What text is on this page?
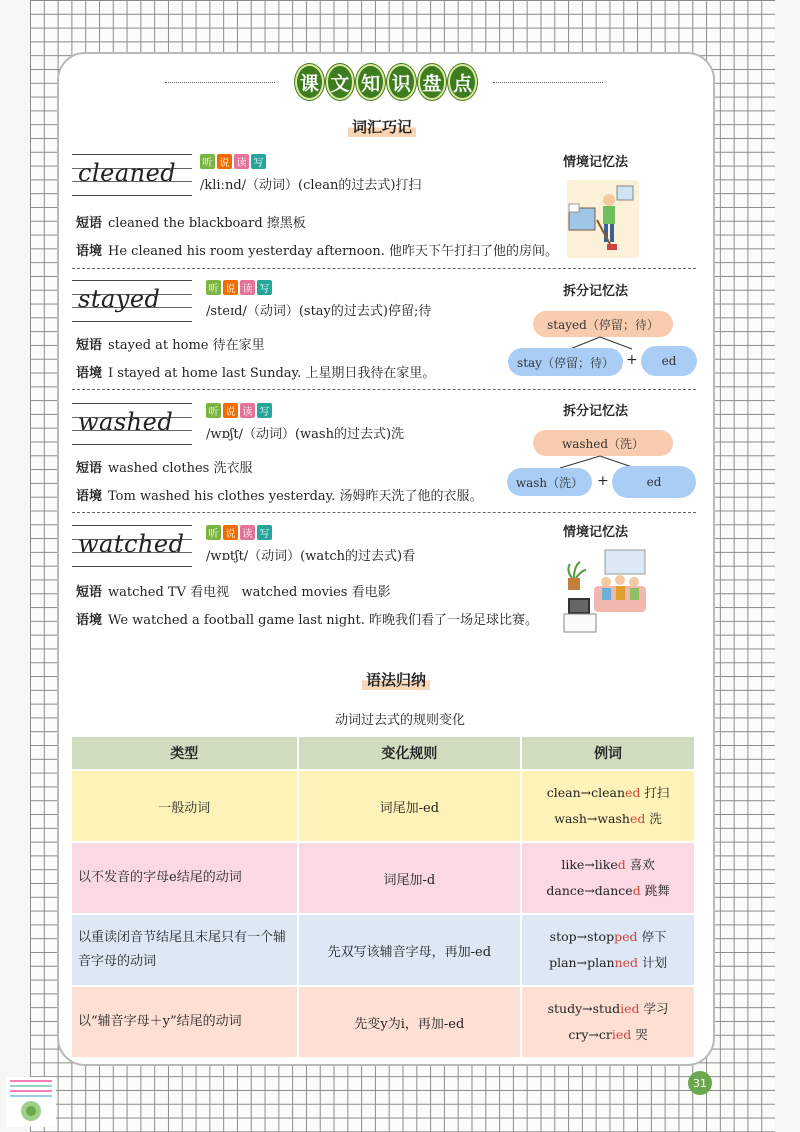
课 文 知 识 盘 点
词汇巧记
cleaned	听 说 读 写
/kliːnd/（动词）(clean的过去式)打扫
短语 cleaned the blackboard 擦黑板
语境 He cleaned his room yesterday afternoon. 他昨天下午打扫了他的房间。
情境记忆法
stayed	听 说 读 写
/steɪd/（动词）(stay的过去式)停留;待
短语 stayed at home 待在家里
语境 I stayed at home last Sunday. 上星期日我待在家里。
拆分记忆法
stayed（停留；待）
stay（停留；待） +	ed
washed	听 说 读 写
/wɒʃt/（动词）(wash的过去式)洗
短语 washed clothes 洗衣服
语境 Tom washed his clothes yesterday. 汤姆昨天洗了他的衣服。
拆分记忆法
washed（洗）
wash（洗） +	ed
watched 听 说 读 写
/wɒtʃt/（动词）(watch的过去式)看
短语 watched TV 看电视   watched movies 看电影
语境 We watched a football game last night. 昨晚我们看了一场足球比赛。
情境记忆法
语法归纳
动词过去式的规则变化
类型	变化规则	例词
一般动词	词尾加-ed	clean→cleaned 打扫
wash→washed 洗

以不发音的字母e结尾的动词	词尾加-d	like→liked 喜欢
dance→danced 跳舞

以重读闭音节结尾且末尾只有一个辅音字母的动词	先双写该辅音字母，再加-ed	stop→stopped 停下
plan→planned 计划

以“辅音字母＋y”结尾的动词	先变y为i，再加-ed	study→studied 学习
cry→cried 哭
31
